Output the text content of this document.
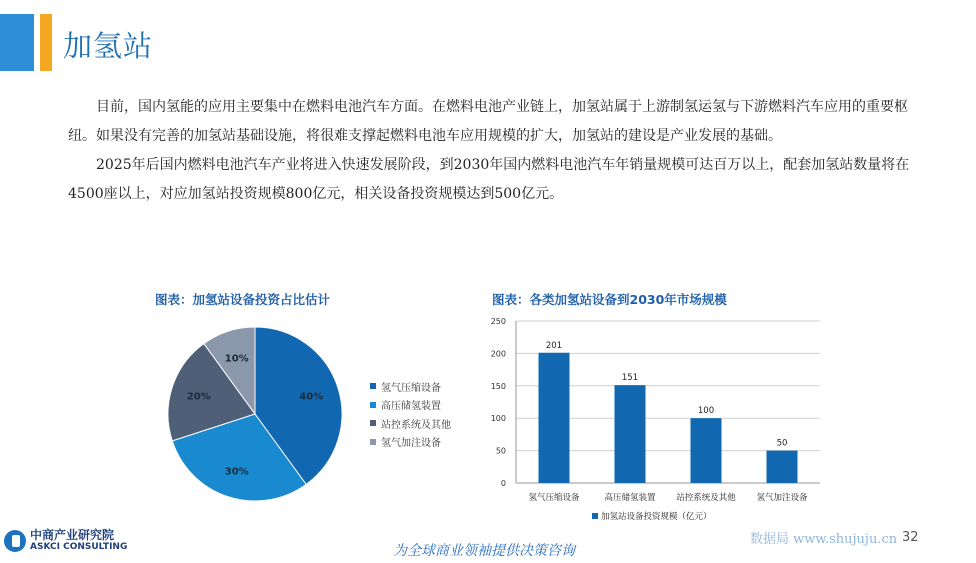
加氢站

目前，国内氢能的应用主要集中在燃料电池汽车方面。在燃料电池产业链上，加氢站属于上游制氢运氢与下游燃料汽车应用的重要枢纽。如果没有完善的加氢站基础设施，将很难支撑起燃料电池车应用规模的扩大，加氢站的建设是产业发展的基础。

2025年后国内燃料电池汽车产业将进入快速发展阶段，到2030年国内燃料电池汽车年销量规模可达百万以上，配套加氢站数量将在4500座以上，对应加氢站投资规模800亿元，相关设备投资规模达到500亿元。

图表：加氢站设备投资占比估计	图表：各类加氢站设备到2030年市场规模
40%
30%
20%
10%
氢气压缩设备
高压储氢装置
站控系统及其他
氢气加注设备
0
50
100
150
200
250
201
氢气压缩设备
151
高压储氢装置
100
站控系统及其他
50
氢气加注设备
加氢站设备投资规模（亿元）
中商产业研究院
ASKCI CONSULTING	为全球商业领袖提供决策咨询
数据局 www.shujuju.cn 32
